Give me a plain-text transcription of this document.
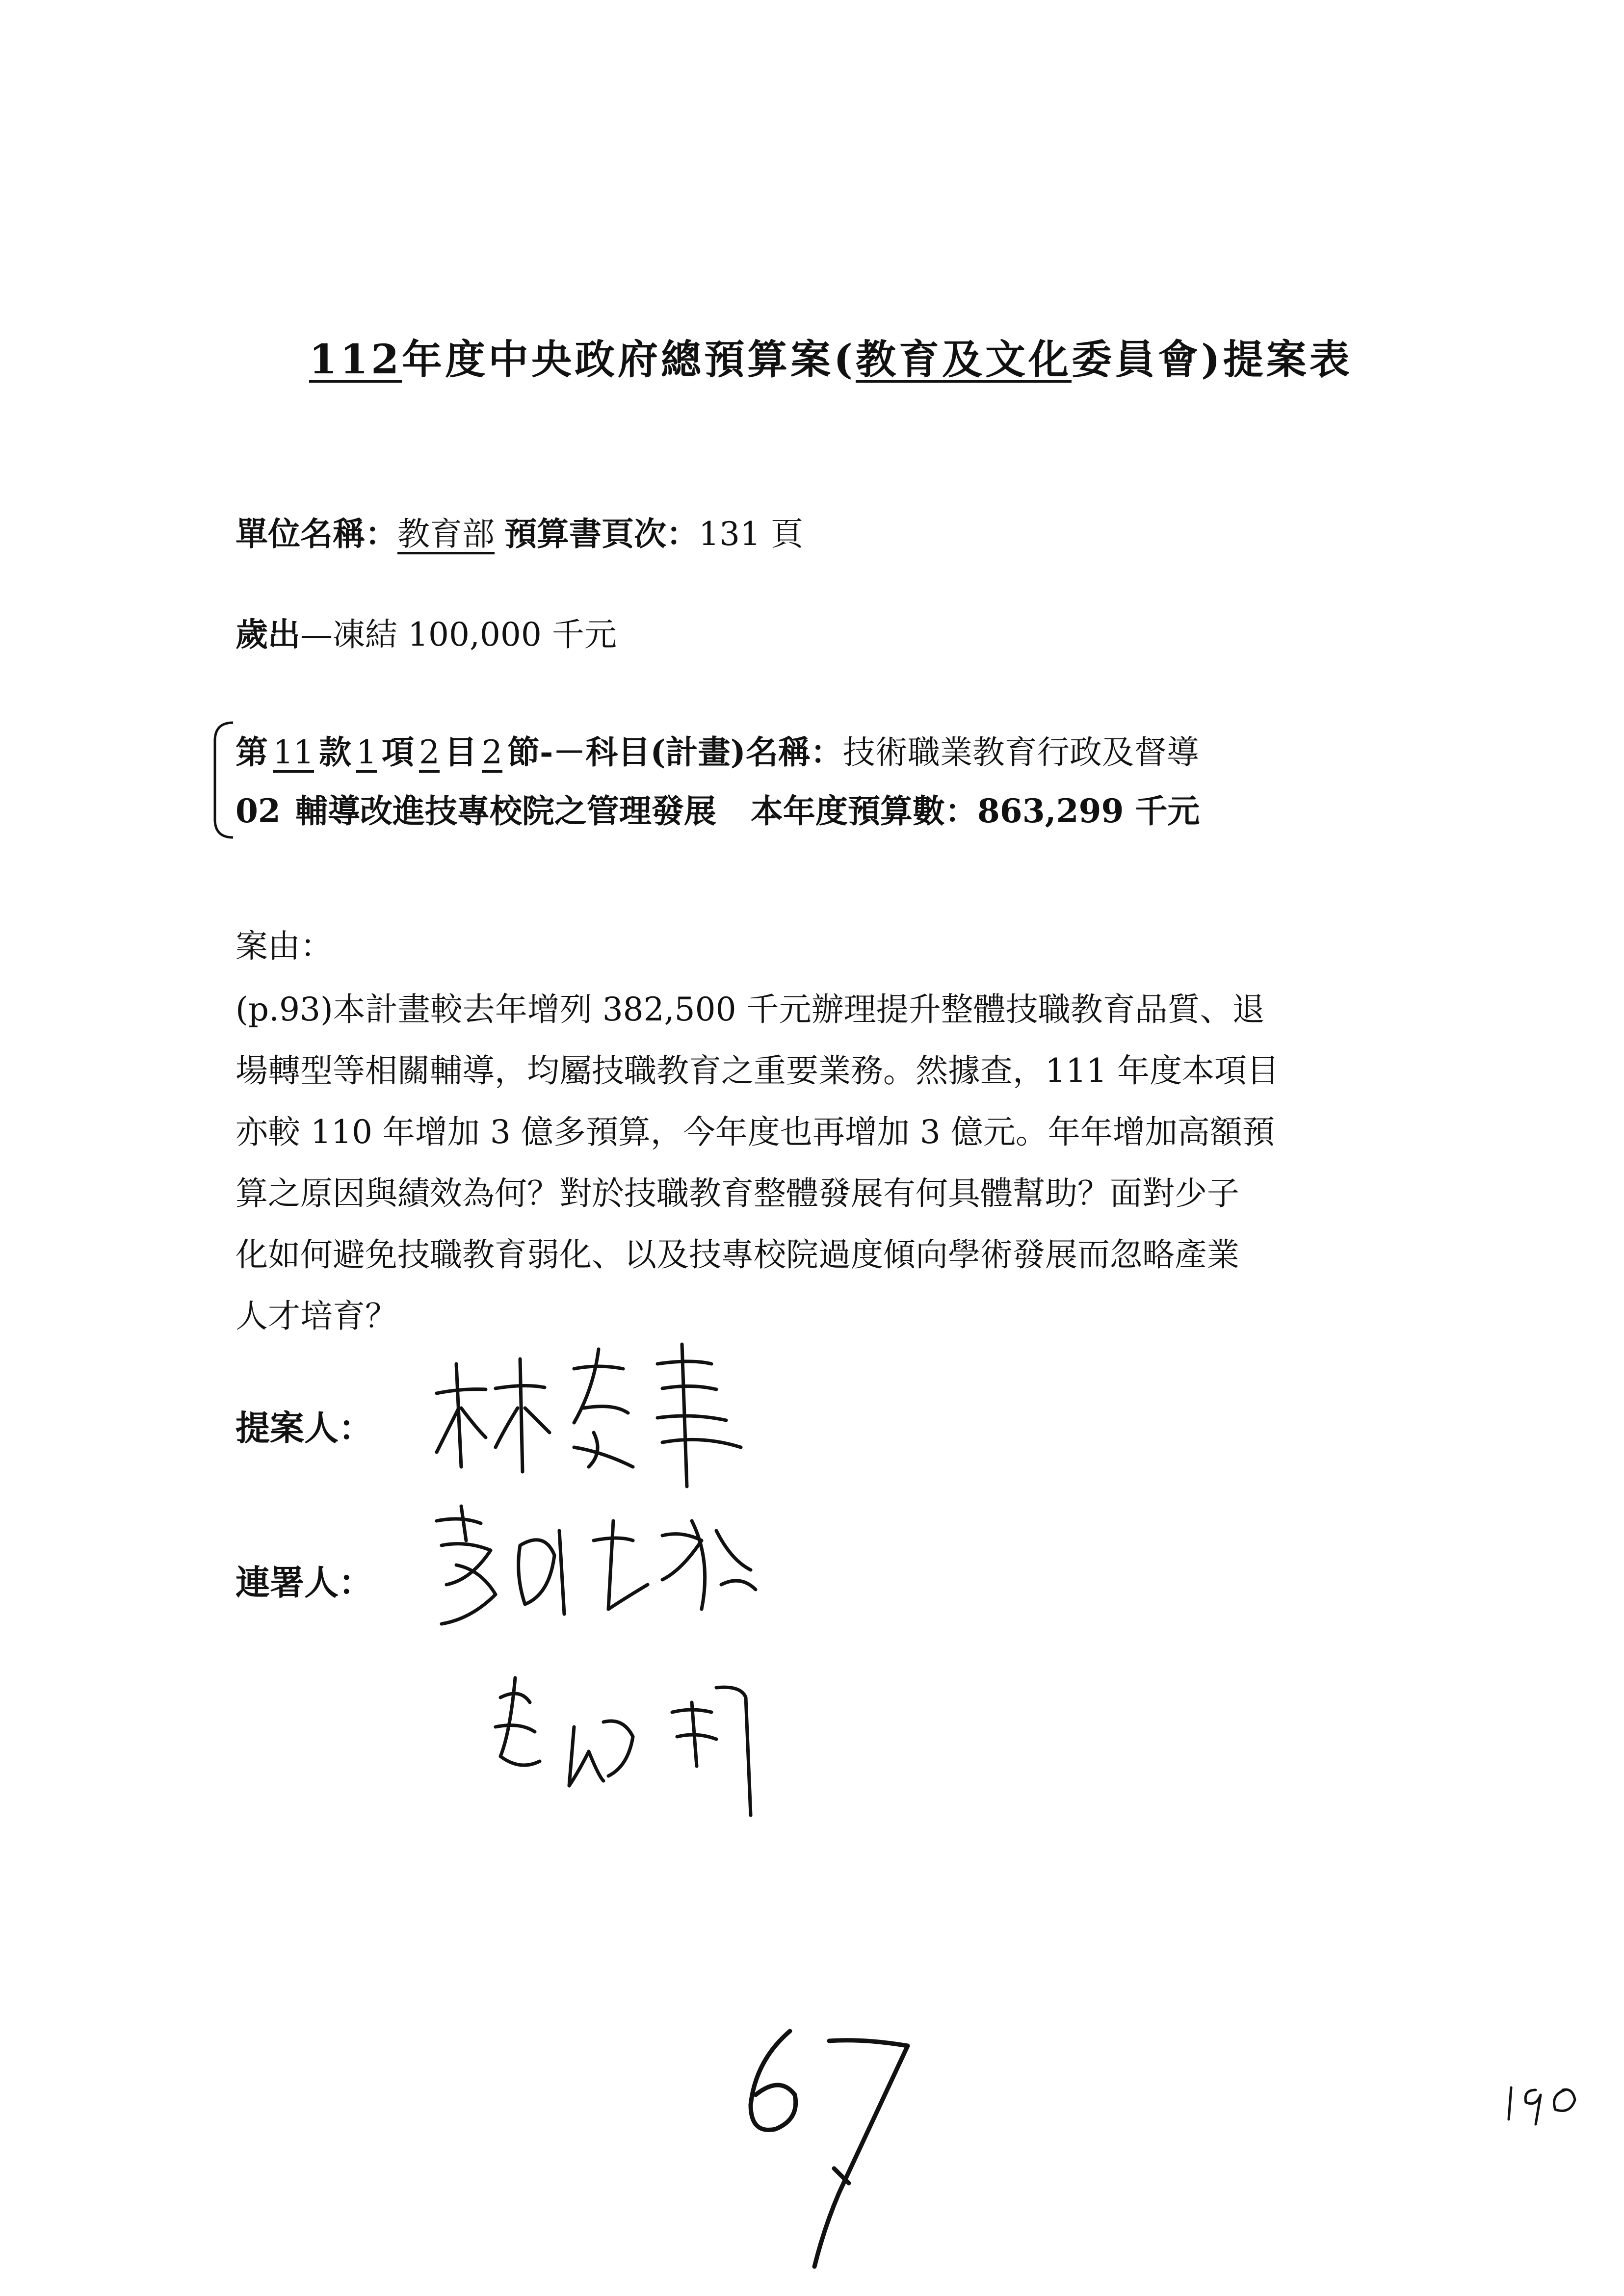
112年度中央政府總預算案(教育及文化委員會)提案表
單位名稱：教育部 預算書頁次：131 頁
歲出—凍結 100,000 千元
第 11 款 1 項 2 目 2 節-－科目(計畫)名稱：技術職業教育行政及督導
02 輔導改進技專校院之管理發展 本年度預算數：863,299 千元
案由：
(p.93)本計畫較去年增列 382,500 千元辦理提升整體技職教育品質、退
場轉型等相關輔導，均屬技職教育之重要業務。然據查，111 年度本項目
亦較 110 年增加 3 億多預算，今年度也再增加 3 億元。年年增加高額預
算之原因與績效為何？對於技職教育整體發展有何具體幫助？面對少子
化如何避免技職教育弱化、以及技專校院過度傾向學術發展而忽略產業
人才培育？
提案人：
連署人：
